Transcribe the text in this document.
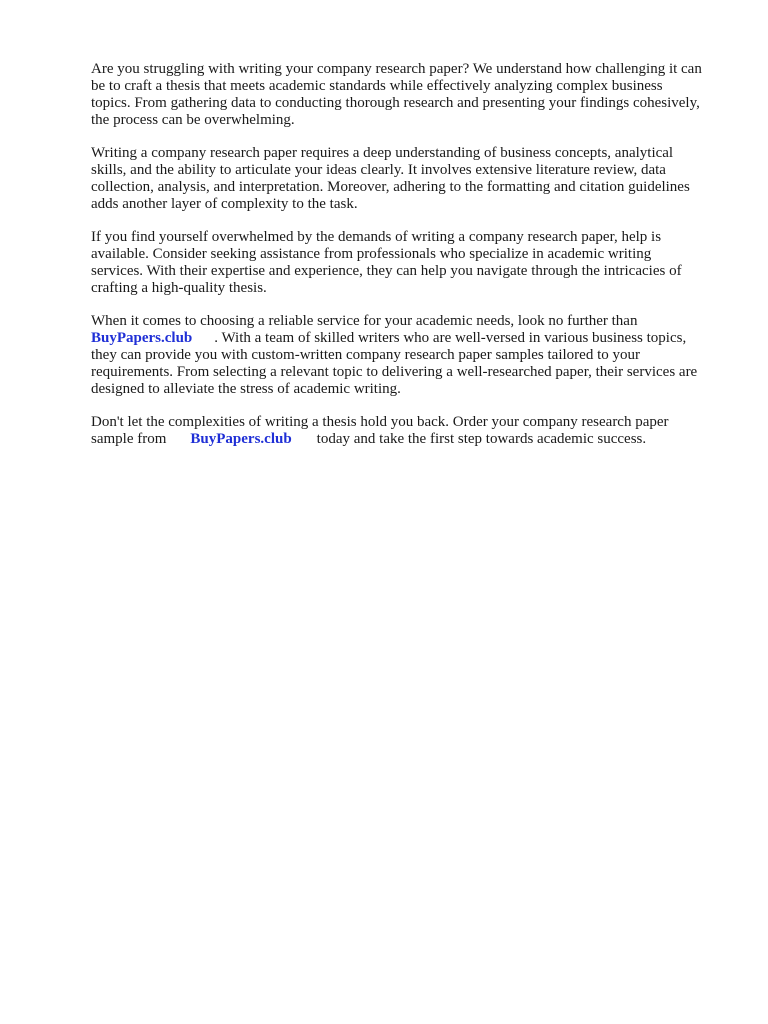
Are you struggling with writing your company research paper? We understand how challenging it can
be to craft a thesis that meets academic standards while effectively analyzing complex business
topics. From gathering data to conducting thorough research and presenting your findings cohesively,
the process can be overwhelming.

Writing a company research paper requires a deep understanding of business concepts, analytical
skills, and the ability to articulate your ideas clearly. It involves extensive literature review, data
collection, analysis, and interpretation. Moreover, adhering to the formatting and citation guidelines
adds another layer of complexity to the task.

If you find yourself overwhelmed by the demands of writing a company research paper, help is
available. Consider seeking assistance from professionals who specialize in academic writing
services. With their expertise and experience, they can help you navigate through the intricacies of
crafting a high-quality thesis.

When it comes to choosing a reliable service for your academic needs, look no further than
BuyPapers.club . With a team of skilled writers who are well-versed in various business topics,
they can provide you with custom-written company research paper samples tailored to your
requirements. From selecting a relevant topic to delivering a well-researched paper, their services are
designed to alleviate the stress of academic writing.

Don't let the complexities of writing a thesis hold you back. Order your company research paper
sample from BuyPapers.club today and take the first step towards academic success.
